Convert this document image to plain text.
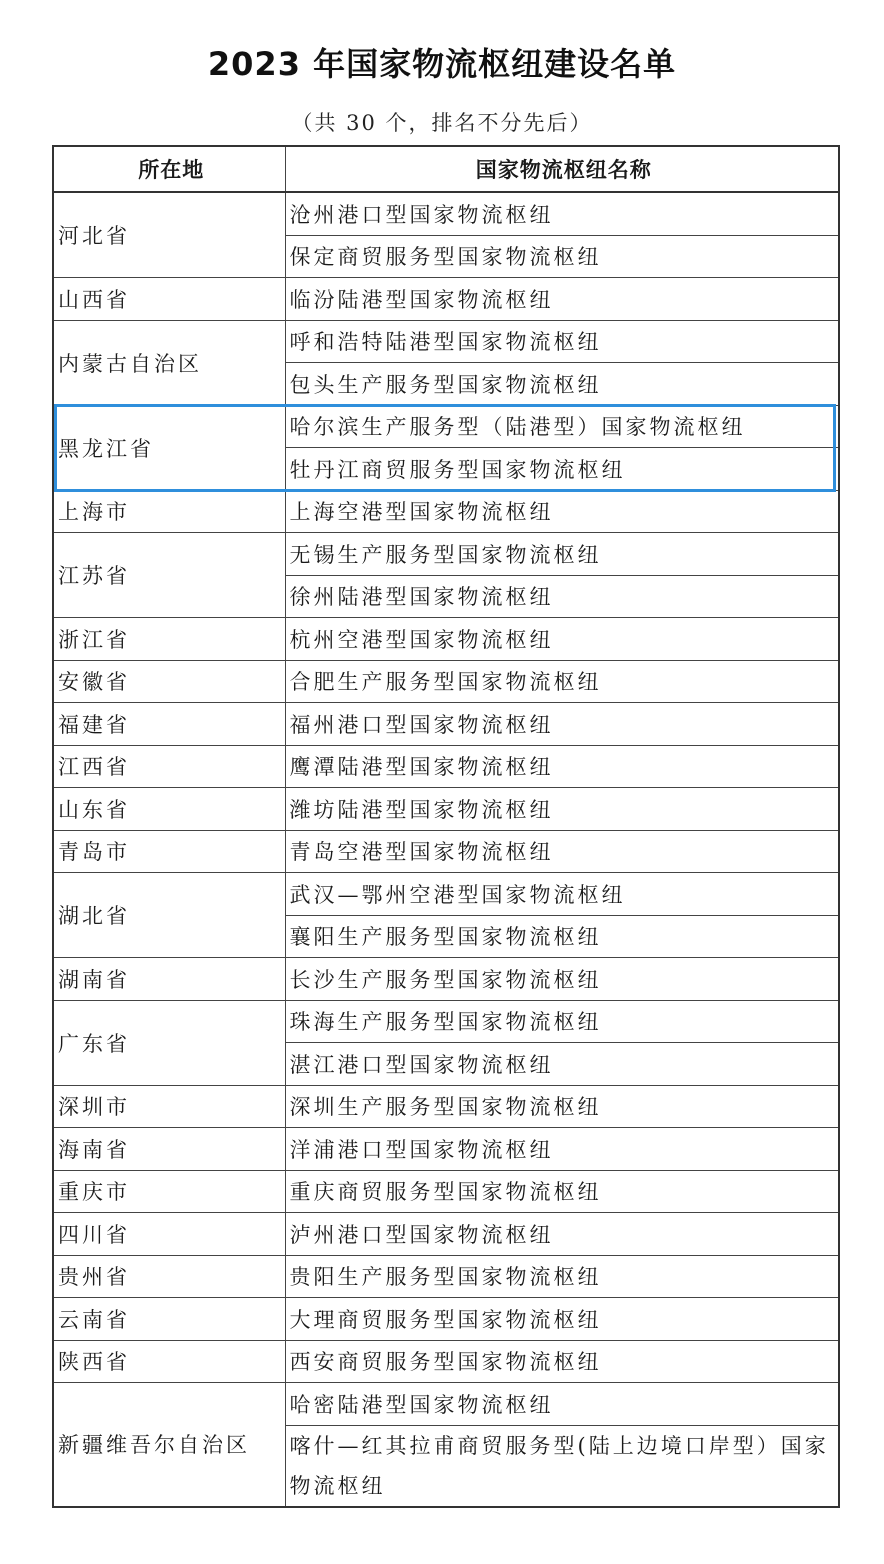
2023 年国家物流枢纽建设名单
（共 30 个，排名不分先后）
所在地	国家物流枢纽名称
河北省	沧州港口型国家物流枢纽
	保定商贸服务型国家物流枢纽
山西省	临汾陆港型国家物流枢纽
内蒙古自治区	呼和浩特陆港型国家物流枢纽
	包头生产服务型国家物流枢纽
黑龙江省	哈尔滨生产服务型（陆港型）国家物流枢纽
	牡丹江商贸服务型国家物流枢纽
上海市	上海空港型国家物流枢纽
江苏省	无锡生产服务型国家物流枢纽
	徐州陆港型国家物流枢纽
浙江省	杭州空港型国家物流枢纽
安徽省	合肥生产服务型国家物流枢纽
福建省	福州港口型国家物流枢纽
江西省	鹰潭陆港型国家物流枢纽
山东省	潍坊陆港型国家物流枢纽
青岛市	青岛空港型国家物流枢纽
湖北省	武汉—鄂州空港型国家物流枢纽
	襄阳生产服务型国家物流枢纽
湖南省	长沙生产服务型国家物流枢纽
广东省	珠海生产服务型国家物流枢纽
	湛江港口型国家物流枢纽
深圳市	深圳生产服务型国家物流枢纽
海南省	洋浦港口型国家物流枢纽
重庆市	重庆商贸服务型国家物流枢纽
四川省	泸州港口型国家物流枢纽
贵州省	贵阳生产服务型国家物流枢纽
云南省	大理商贸服务型国家物流枢纽
陕西省	西安商贸服务型国家物流枢纽
新疆维吾尔自治区	哈密陆港型国家物流枢纽
	喀什—红其拉甫商贸服务型(陆上边境口岸型）国家物流枢纽
